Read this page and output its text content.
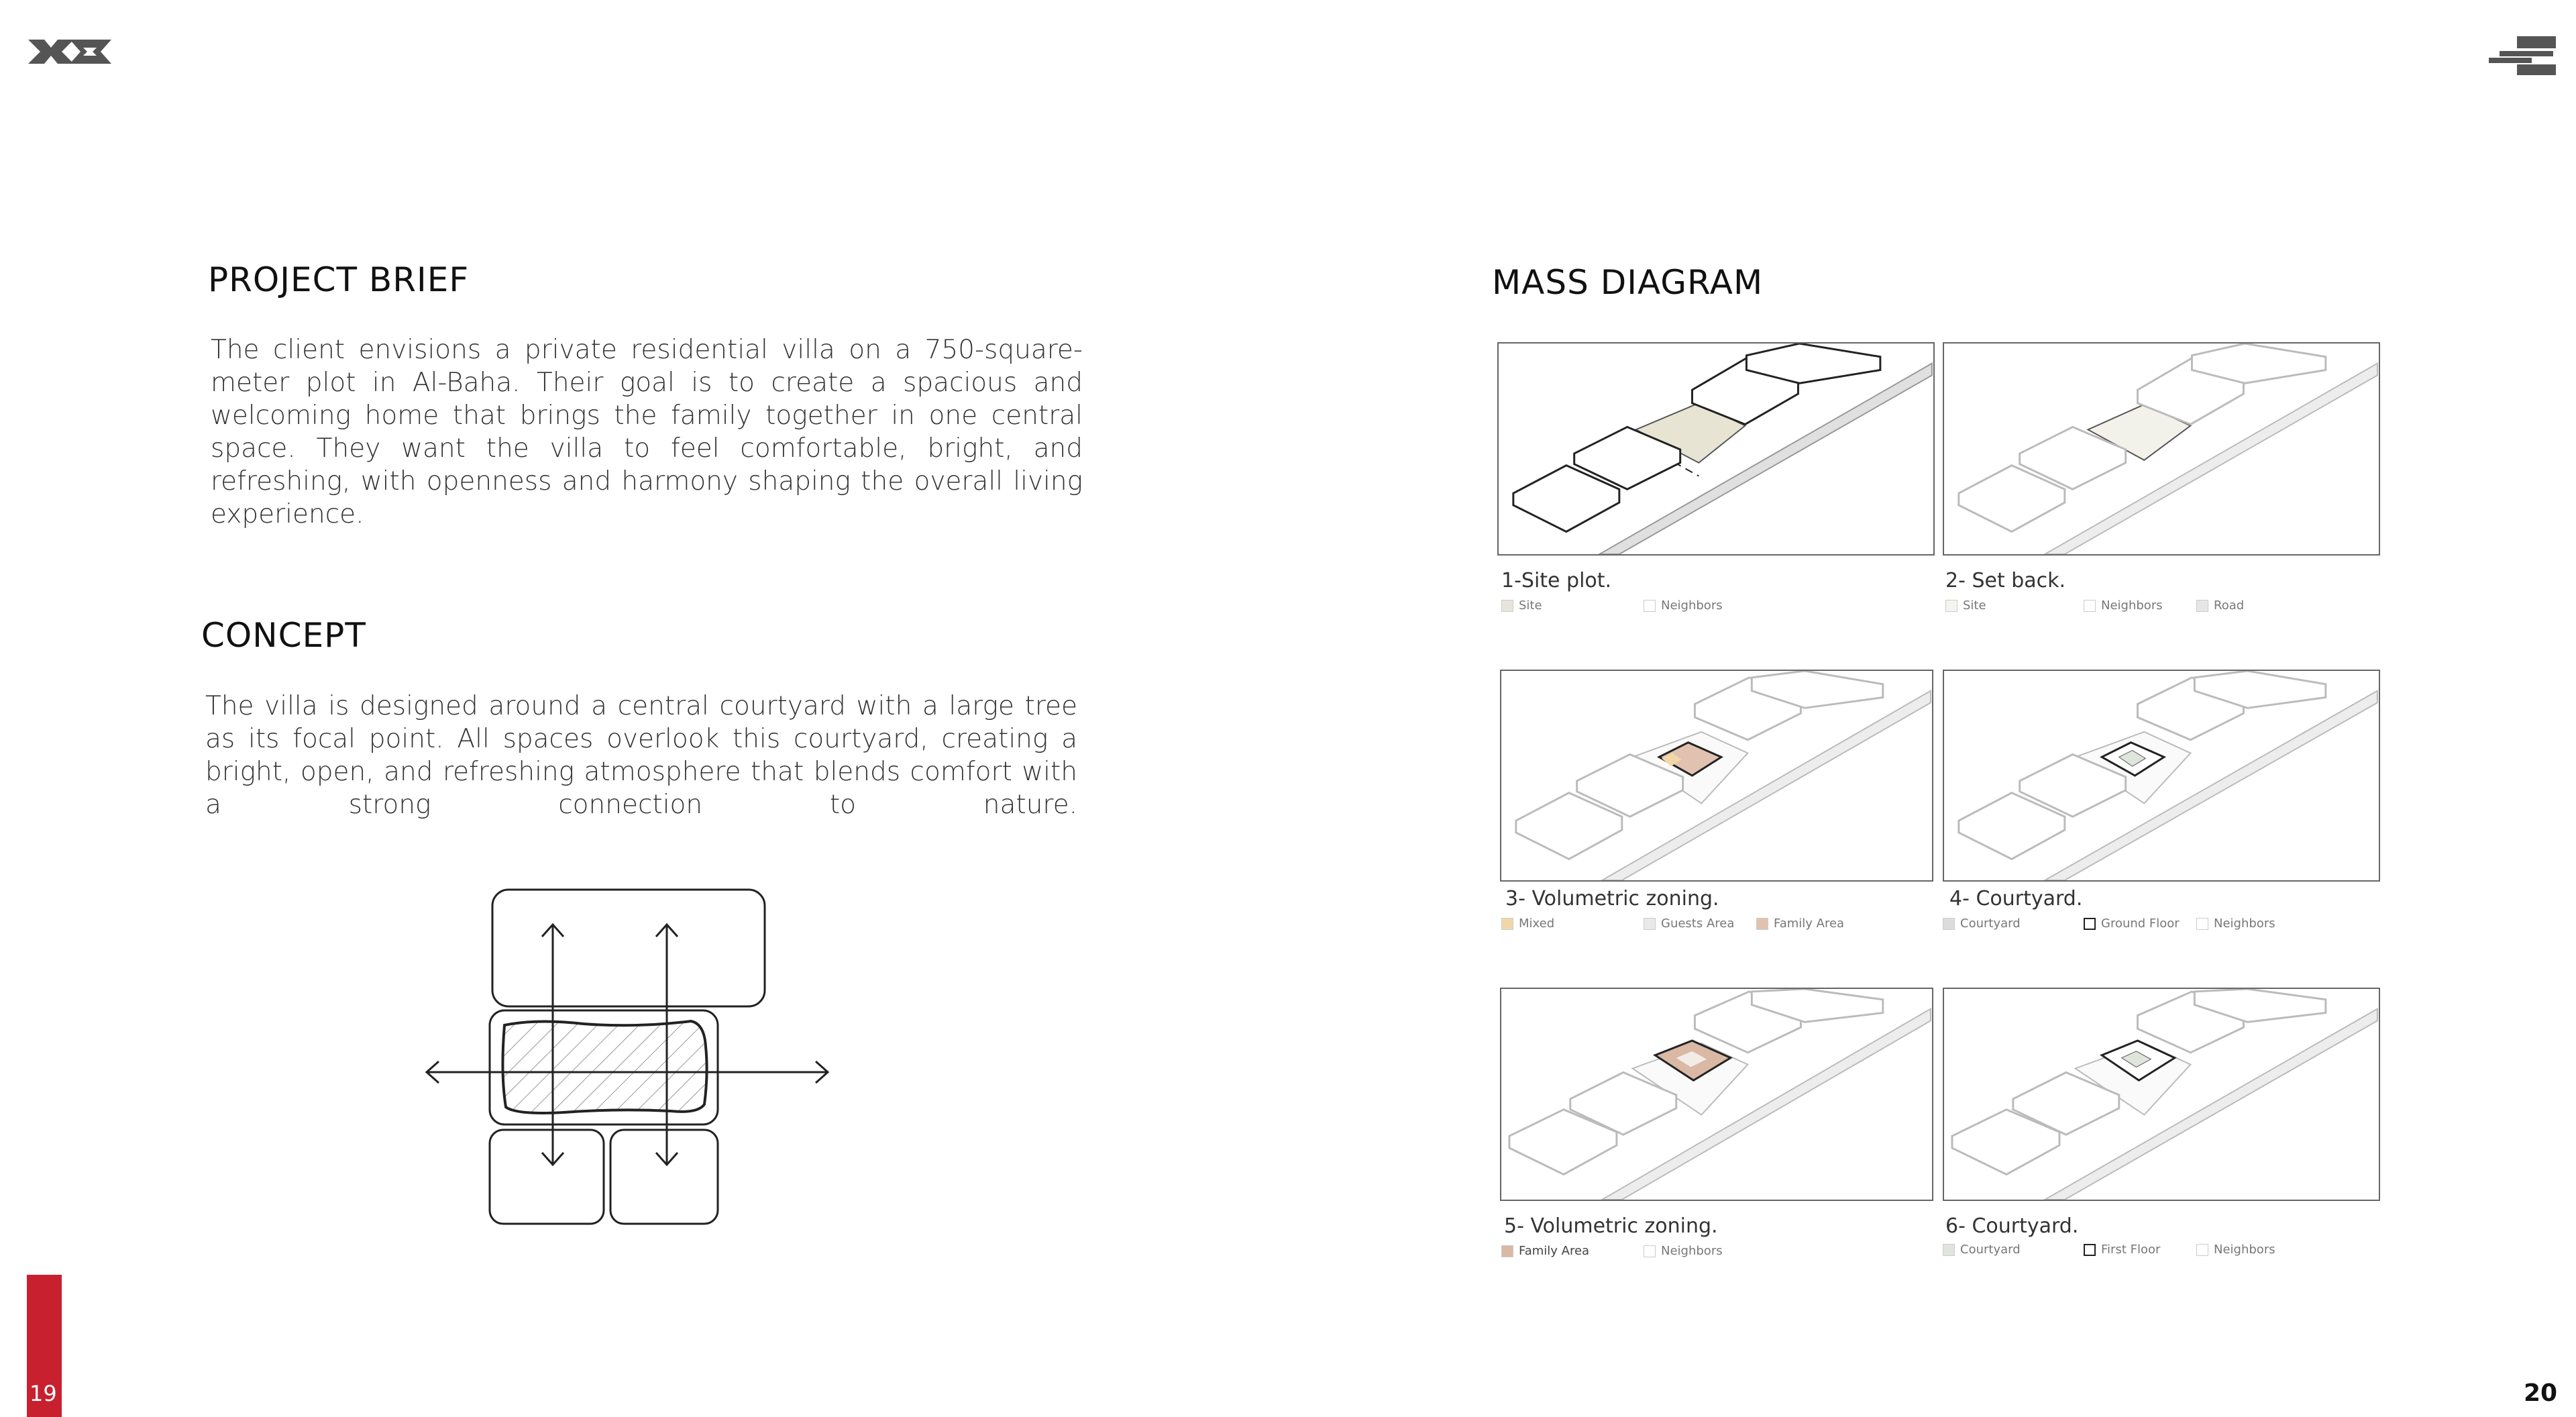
PROJECT BRIEF
The client envisions a private residential villa on a 750-square-meter plot in Al-Baha. Their goal is to create a spacious and welcoming home that brings the family together in one central space. They want the villa to feel comfortable, bright, and refreshing, with openness and harmony shaping the overall living experience.
CONCEPT
The villa is designed around a central courtyard with a large tree as its focal point. All spaces overlook this courtyard, creating a bright, open, and refreshing atmosphere that blends comfort with a strong connection to nature.
MASS DIAGRAM
1-Site plot.
Site	Neighbors
2- Set back.
Site	Neighbors	Road
3- Volumetric zoning.
Mixed	Guests Area	Family Area
4- Courtyard.
Courtyard	Ground Floor	Neighbors
5- Volumetric zoning.
Family Area	Neighbors
6- Courtyard.
Courtyard	First Floor	Neighbors
19	20
